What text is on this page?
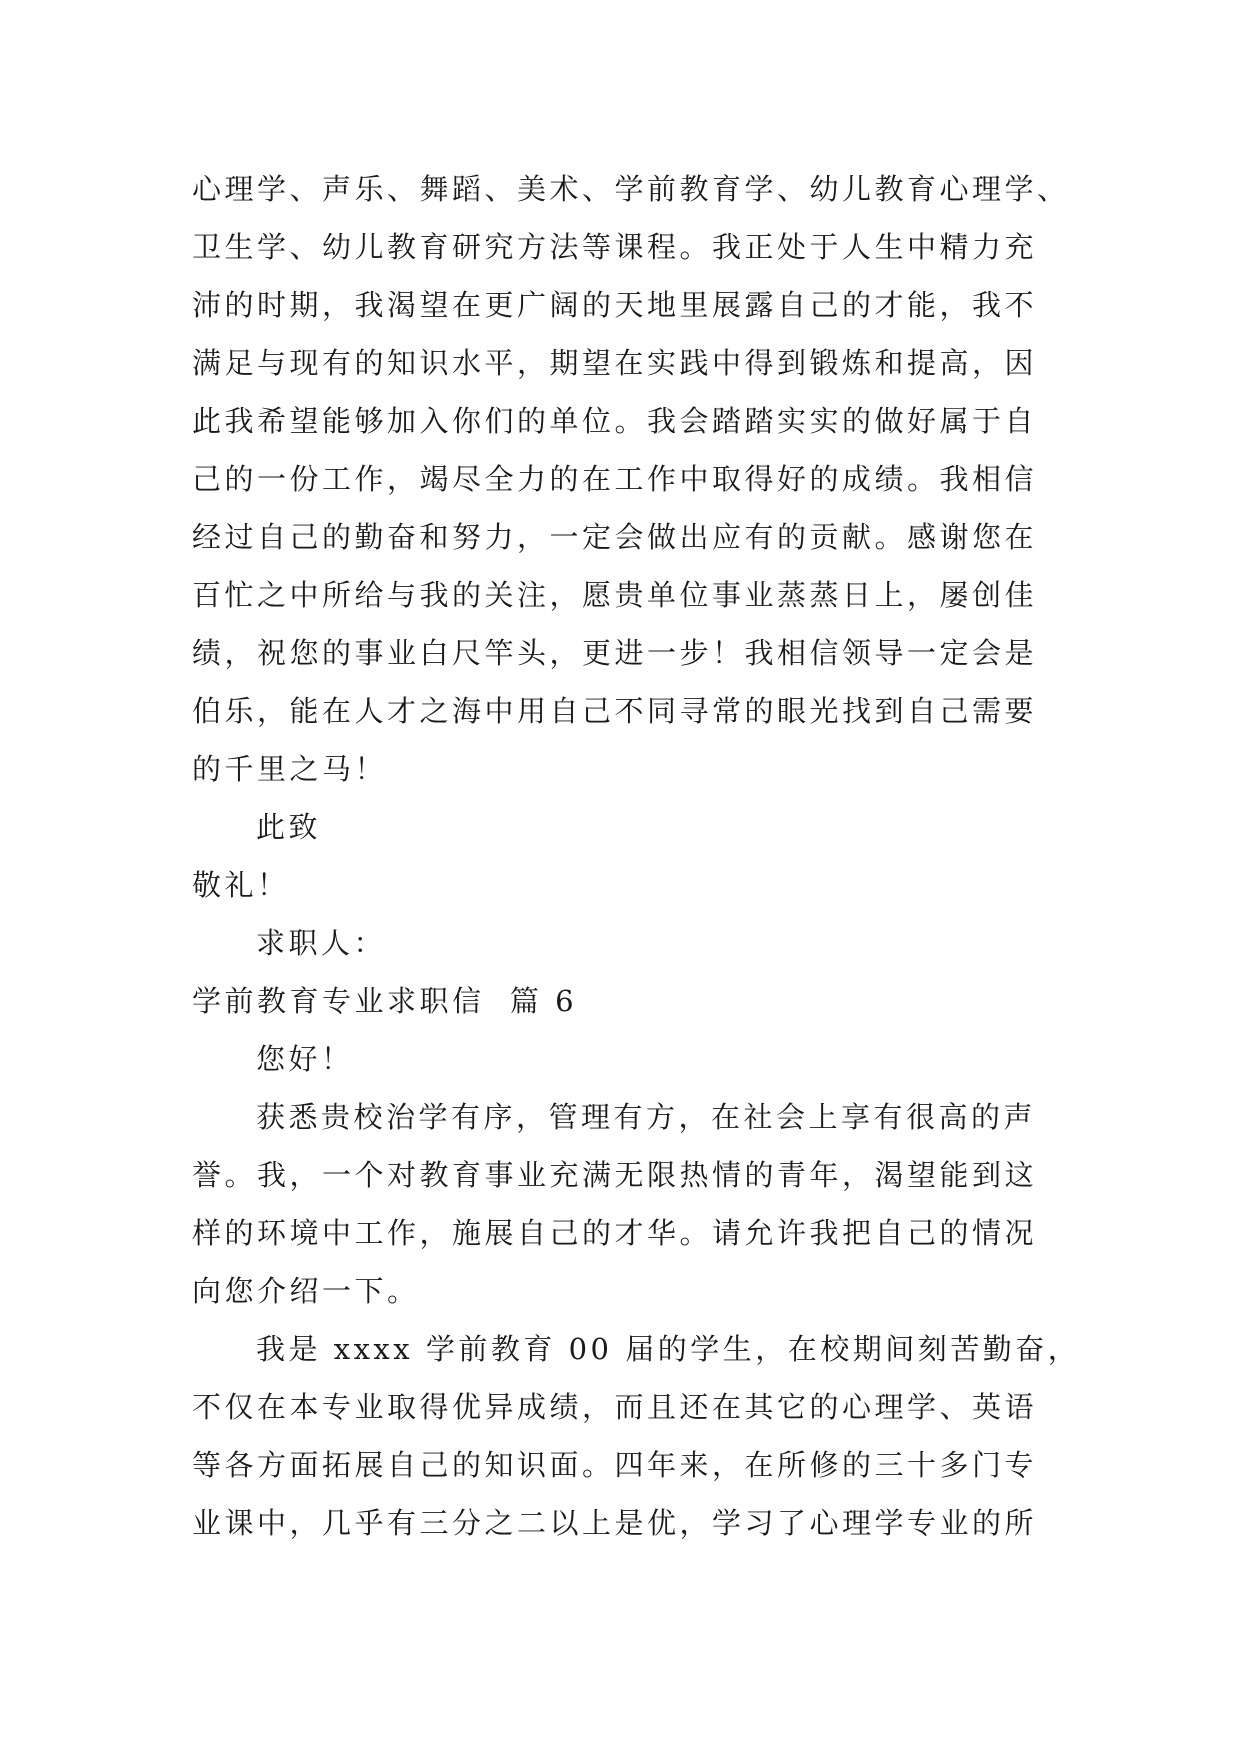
心理学、声乐、舞蹈、美术、学前教育学、幼儿教育心理学、
卫生学、幼儿教育研究方法等课程。我正处于人生中精力充
沛的时期，我渴望在更广阔的天地里展露自己的才能，我不
满足与现有的知识水平，期望在实践中得到锻炼和提高，因
此我希望能够加入你们的单位。我会踏踏实实的做好属于自
己的一份工作，竭尽全力的在工作中取得好的成绩。我相信
经过自己的勤奋和努力，一定会做出应有的贡献。感谢您在
百忙之中所给与我的关注，愿贵单位事业蒸蒸日上，屡创佳
绩，祝您的事业白尺竿头，更进一步！我相信领导一定会是
伯乐，能在人才之海中用自己不同寻常的眼光找到自己需要
的千里之马！
此致
敬礼！
求职人：
学前教育专业求职信  篇 6
您好！
获悉贵校治学有序，管理有方，在社会上享有很高的声
誉。我，一个对教育事业充满无限热情的青年，渴望能到这
样的环境中工作，施展自己的才华。请允许我把自己的情况
向您介绍一下。
我是 xxxx 学前教育 00 届的学生，在校期间刻苦勤奋，
不仅在本专业取得优异成绩，而且还在其它的心理学、英语
等各方面拓展自己的知识面。四年来，在所修的三十多门专
业课中，几乎有三分之二以上是优，学习了心理学专业的所
